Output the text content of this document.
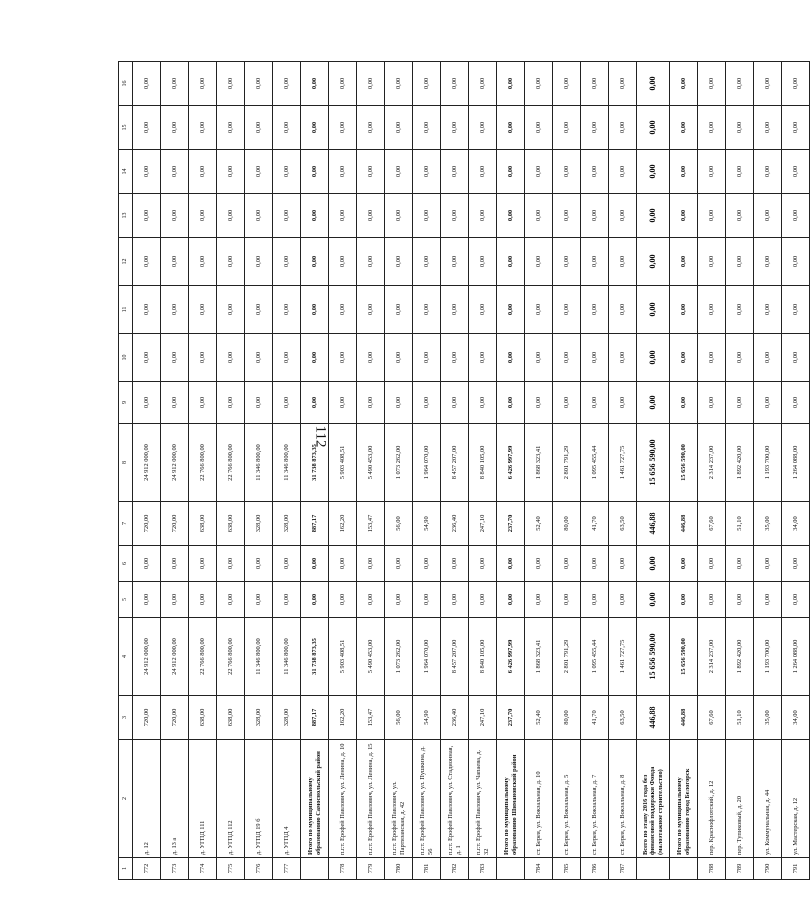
112
1	2	3	4	5	6	7	8	9	10	11	12	13	14	15	16
772	д. 12	720,00	24 912 000,00	0,00	0,00	720,00	24 912 000,00	0,00	0,00	0,00	0,00	0,00	0,00	0,00	0,00
773	д. 13 а	720,00	24 912 000,00	0,00	0,00	720,00	24 912 000,00	0,00	0,00	0,00	0,00	0,00	0,00	0,00	0,00
774	д. УГПД 111	638,00	22 766 800,00	0,00	0,00	638,00	22 766 800,00	0,00	0,00	0,00	0,00	0,00	0,00	0,00	0,00
775	д. УГПД 112	638,00	22 766 800,00	0,00	0,00	638,00	22 766 800,00	0,00	0,00	0,00	0,00	0,00	0,00	0,00	0,00
776	д. УГПД 19 б	328,00	11 346 800,00	0,00	0,00	328,00	11 346 800,00	0,00	0,00	0,00	0,00	0,00	0,00	0,00	0,00
777	д. УГПД 4	328,00	11 346 800,00	0,00	0,00	328,00	11 346 800,00	0,00	0,00	0,00	0,00	0,00	0,00	0,00	0,00
	Итого по муниципальному образованию Самоснольский район	887,17	31 738 873,35	0,00	0,00	887,17	31 738 873,35	0,00	0,00	0,00	0,00	0,00	0,00	0,00	0,00
778	п.г.т. Ерофей Павлович, ул. Ленина, д. 10	162,20	5 903 408,51	0,00	0,00	162,20	5 903 408,51	0,00	0,00	0,00	0,00	0,00	0,00	0,00	0,00
779	п.г.т. Ерофей Павлович, ул. Ленина, д. 15	153,47	5 490 453,00	0,00	0,00	153,47	5 490 453,00	0,00	0,00	0,00	0,00	0,00	0,00	0,00	0,00
780	п.г.т. Ерофей Павлович, ул. Партизанская, д. 42	56,00	1 073 262,00	0,00	0,00	56,00	1 073 262,00	0,00	0,00	0,00	0,00	0,00	0,00	0,00	0,00
781	п.г.т. Ерофей Павлович, ул. Пушкина, д. 56	54,90	1 964 070,00	0,00	0,00	54,90	1 964 070,00	0,00	0,00	0,00	0,00	0,00	0,00	0,00	0,00
782	п.г.т. Ерофей Павлович, ул. Стадионная, д. 1	236,40	8 457 207,00	0,00	0,00	236,40	8 457 207,00	0,00	0,00	0,00	0,00	0,00	0,00	0,00	0,00
783	п.г.т. Ерофей Павлович, ул. Чапаева, д. 32	247,10	8 840 105,00	0,00	0,00	247,10	8 840 105,00	0,00	0,00	0,00	0,00	0,00	0,00	0,00	0,00
	Итого по муниципальному образованию Шимановский район	237,70	6 426 997,99	0,00	0,00	237,70	6 426 997,99	0,00	0,00	0,00	0,00	0,00	0,00	0,00	0,00
784	ст. Берея, ул. Вокзальная, д. 10	52,40	1 868 323,41	0,00	0,00	52,40	1 868 323,41	0,00	0,00	0,00	0,00	0,00	0,00	0,00	0,00
785	ст. Берея, ул. Вокзальная, д. 5	80,00	2 801 791,29	0,00	0,00	80,00	2 801 791,29	0,00	0,00	0,00	0,00	0,00	0,00	0,00	0,00
786	ст. Берея, ул. Вокзальная, д. 7	41,70	1 095 455,44	0,00	0,00	41,70	1 095 455,44	0,00	0,00	0,00	0,00	0,00	0,00	0,00	0,00
787	ст. Берея, ул. Вокзальная, д. 8	63,50	1 461 727,75	0,00	0,00	63,50	1 461 727,75	0,00	0,00	0,00	0,00	0,00	0,00	0,00	0,00
	Всего по этапу 2016 года без финансовой поддержки Фонда (малоэтажное строительство)	446,88	15 656 590,00	0,00	0,00	446,88	15 656 590,00	0,00	0,00	0,00	0,00	0,00	0,00	0,00	0,00
	Итого по муниципальному образованию город Белогорск	446,88	15 656 590,00	0,00	0,00	446,88	15 656 590,00	0,00	0,00	0,00	0,00	0,00	0,00	0,00	0,00
788	пер. Краснофлотский, д. 12	67,60	2 314 237,00	0,00	0,00	67,60	2 314 237,00	0,00	0,00	0,00	0,00	0,00	0,00	0,00	0,00
789	пер. Тупиковый, д. 20	51,10	1 892 420,00	0,00	0,00	51,10	1 892 420,00	0,00	0,00	0,00	0,00	0,00	0,00	0,00	0,00
790	ул. Коммунальная, д. 44	35,00	1 193 700,00	0,00	0,00	35,00	1 193 700,00	0,00	0,00	0,00	0,00	0,00	0,00	0,00	0,00
791	ул. Мастерская, д. 12	34,00	1 264 088,00	0,00	0,00	34,00	1 264 088,00	0,00	0,00	0,00	0,00	0,00	0,00	0,00	0,00
